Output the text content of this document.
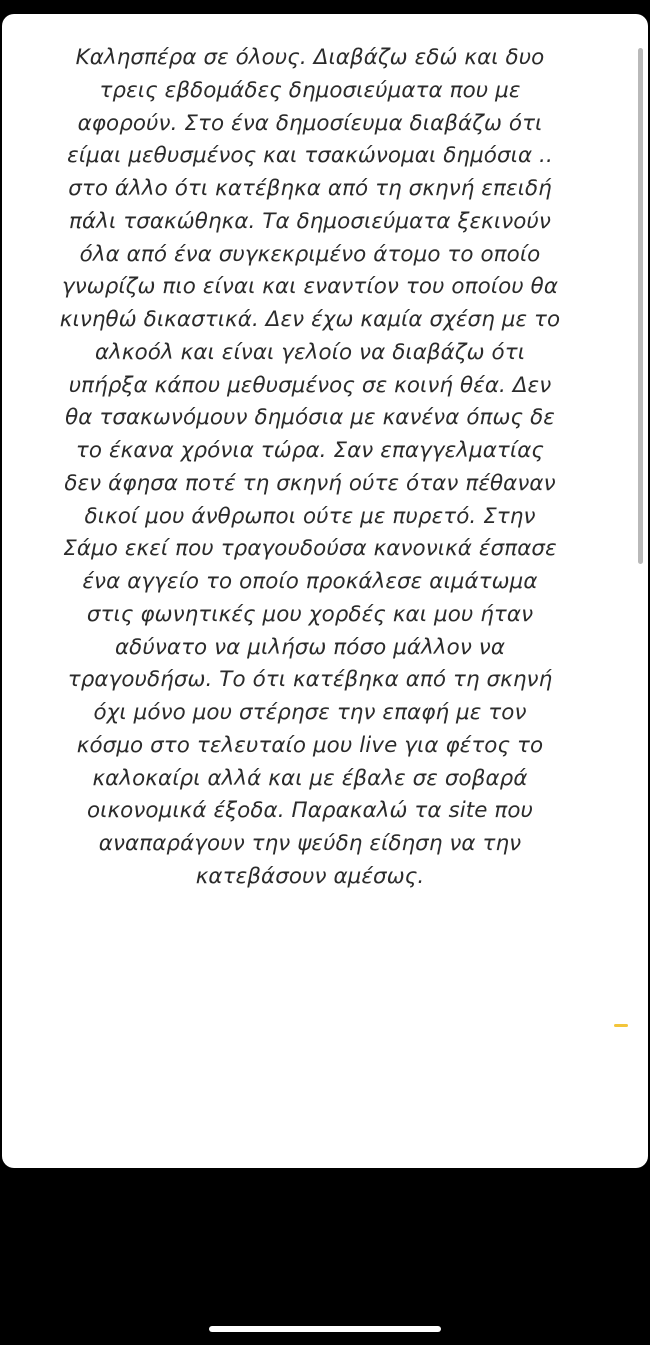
Καλησπέρα σε όλους. Διαβάζω εδώ και δυο
τρεις εβδομάδες δημοσιεύματα που με
αφορούν. Στο ένα δημοσίευμα διαβάζω ότι
είμαι μεθυσμένος και τσακώνομαι δημόσια ..
στο άλλο ότι κατέβηκα από τη σκηνή επειδή
πάλι τσακώθηκα. Τα δημοσιεύματα ξεκινούν
όλα από ένα συγκεκριμένο άτομο το οποίο
γνωρίζω πιο είναι και εναντίον του οποίου θα
κινηθώ δικαστικά. Δεν έχω καμία σχέση με το
αλκοόλ και είναι γελοίο να διαβάζω ότι
υπήρξα κάπου μεθυσμένος σε κοινή θέα. Δεν
θα τσακωνόμουν δημόσια με κανένα όπως δε
το έκανα χρόνια τώρα. Σαν επαγγελματίας
δεν άφησα ποτέ τη σκηνή ούτε όταν πέθαναν
δικοί μου άνθρωποι ούτε με πυρετό. Στην
Σάμο εκεί που τραγουδούσα κανονικά έσπασε
ένα αγγείο το οποίο προκάλεσε αιμάτωμα
στις φωνητικές μου χορδές και μου ήταν
αδύνατο να μιλήσω πόσο μάλλον να
τραγουδήσω. Το ότι κατέβηκα από τη σκηνή
όχι μόνο μου στέρησε την επαφή με τον
κόσμο στο τελευταίο μου live για φέτος το
καλοκαίρι αλλά και με έβαλε σε σοβαρά
οικονομικά έξοδα. Παρακαλώ τα site που
αναπαράγουν την ψεύδη είδηση να την
κατεβάσουν αμέσως.
